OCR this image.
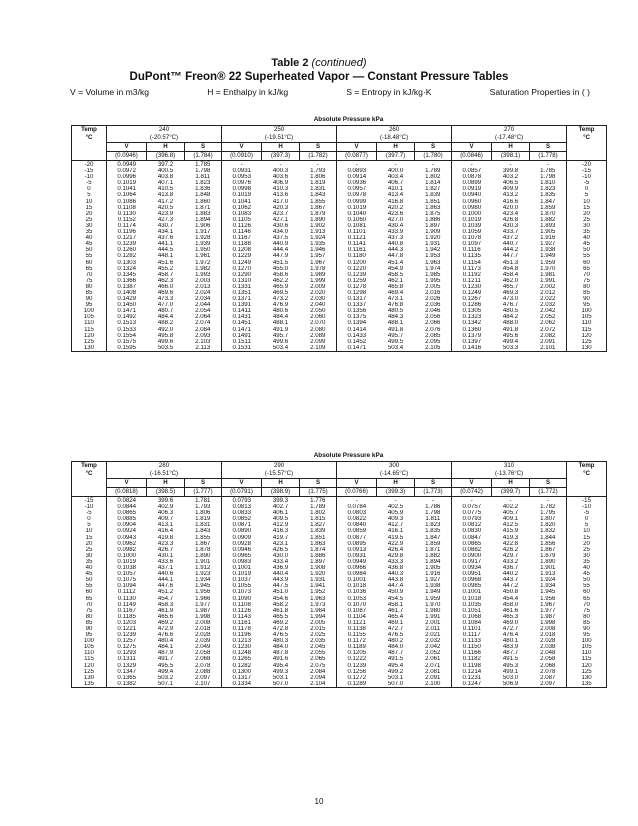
Table 2 (continued)
DuPont™ Freon® 22 Superheated Vapor — Constant Pressure Tables
V = Volume in m3/kg	H = Enthalpy in kJ/kg	S = Entropy in kJ/kg·K	Saturation Properties in ( )
Absolute Pressure kPa
Temp	240			250			260			270			Temp
°C	(-20.57°C)			(-19.51°C)			(-18.48°C)			(-17.48°C)			°C
	V	H	S	V	H	S	V	H	S	V	H	S	
	(0.0946)	(396.8)	(1.784)	(0.0910)	(397.3)	(1.782)	(0.0877)	(397.7)	(1.780)	(0.0846)	(398.1)	(1.778)	
-20	0.0949	397.2	1.785	-	-	-	-	-	-	-	-	-	-20
-15	0.0972	400.5	1.798	0.0931	400.3	1.793	0.0893	400.0	1.789	0.0857	399.8	1.785	-15
-10	0.0996	403.8	1.811	0.0953	403.6	1.806	0.0914	403.4	1.802	0.0878	403.2	1.798	-10
-5	0.1019	407.1	1.823	0.0976	406.9	1.819	0.0936	406.7	1.814	0.0899	406.5	1.810	-5
0	0.1041	410.5	1.836	0.0998	410.3	1.831	0.0957	410.1	1.827	0.0919	409.9	1.823	0
5	0.1064	413.8	1.848	0.1019	413.6	1.843	0.0978	413.4	1.839	0.0940	413.2	1.835	5
10	0.1086	417.2	1.860	0.1041	417.0	1.855	0.0999	416.8	1.851	0.0960	416.6	1.847	10
15	0.1108	420.5	1.871	0.1062	420.3	1.867	0.1019	420.2	1.863	0.0980	420.0	1.859	15
20	0.1130	423.9	1.883	0.1083	423.7	1.879	0.1040	423.6	1.875	0.1000	423.4	1.870	20
25	0.1152	427.3	1.894	0.1105	427.1	1.890	0.1060	427.0	1.886	0.1019	426.8	1.882	25
30	0.1174	430.7	1.906	0.1126	430.6	1.902	0.1081	430.4	1.897	0.1039	430.3	1.893	30
35	0.1196	434.1	1.917	0.1146	434.0	1.913	0.1101	433.9	1.909	0.1059	433.7	1.905	35
40	0.1217	437.6	1.928	0.1167	437.5	1.924	0.1121	437.3	1.920	0.1078	437.2	1.916	40
45	0.1239	441.1	1.939	0.1188	440.9	1.935	0.1141	440.8	1.931	0.1097	440.7	1.927	45
50	0.1260	444.5	1.950	0.1208	444.4	1.946	0.1161	444.3	1.942	0.1116	444.2	1.938	50
55	0.1282	448.1	1.961	0.1229	447.9	1.957	0.1180	447.8	1.953	0.1135	447.7	1.949	55
60	0.1303	451.6	1.972	0.1249	451.5	1.967	0.1200	451.4	1.963	0.1154	451.3	1.959	60
65	0.1324	455.2	1.982	0.1270	455.0	1.978	0.1220	454.9	1.974	0.1173	454.8	1.970	65
70	0.1345	458.7	1.993	0.1290	458.6	1.989	0.1239	458.5	1.985	0.1192	458.4	1.981	70
75	0.1366	462.3	2.003	0.1310	462.2	1.999	0.1259	462.1	1.995	0.1211	462.0	1.991	75
80	0.1387	466.0	2.013	0.1331	465.9	2.009	0.1278	465.8	2.005	0.1230	465.7	2.002	80
85	0.1408	469.6	2.024	0.1351	469.5	2.020	0.1298	469.4	2.016	0.1249	469.3	2.012	85
90	0.1429	473.3	2.034	0.1371	473.2	2.030	0.1317	473.1	2.026	0.1267	473.0	2.022	90
95	0.1450	477.0	2.044	0.1391	476.9	2.040	0.1337	476.8	2.036	0.1286	476.7	2.032	95
100	0.1471	480.7	2.054	0.1411	480.6	2.050	0.1356	480.5	2.046	0.1305	480.5	2.042	100
105	0.1492	484.4	2.064	0.1431	484.4	2.060	0.1375	484.3	2.056	0.1323	484.2	2.052	105
110	0.1513	488.2	2.074	0.1451	488.1	2.070	0.1394	488.1	2.066	0.1342	488.0	2.062	110
115	0.1533	492.0	2.084	0.1471	491.9	2.080	0.1414	491.8	2.076	0.1360	491.8	2.072	115
120	0.1554	495.8	2.093	0.1491	495.7	2.089	0.1433	495.7	2.085	0.1379	495.6	2.082	120
125	0.1575	499.6	2.103	0.1511	499.6	2.099	0.1452	499.5	2.095	0.1397	499.4	2.091	125
130	0.1595	503.5	2.113	0.1531	503.4	2.109	0.1471	503.4	2.105	0.1416	503.3	2.101	130
Absolute Pressure kPa
Temp	280			290			300			310			Temp
°C	(-16.51°C)			(-15.57°C)			(-14.65°C)			(-13.76°C)			°C
	V	H	S	V	H	S	V	H	S	V	H	S	
	(0.0818)	(398.5)	(1.777)	(0.0791)	(398.9)	(1.775)	(0.0766)	(399.3)	(1.773)	(0.0742)	(399.7)	(1.772)	
-15	0.0824	399.6	1.781	0.0793	399.3	1.776	-	-	-	-	-	-	-15
-10	0.0844	402.9	1.793	0.0813	402.7	1.789	0.0784	402.5	1.786	0.0757	402.2	1.782	-10
-5	0.0865	406.3	1.806	0.0833	406.1	1.802	0.0803	405.9	1.798	0.0775	405.7	1.795	-5
0	0.0885	409.7	1.819	0.0852	409.5	1.815	0.0822	409.3	1.811	0.0793	409.1	1.807	0
5	0.0904	413.1	1.831	0.0871	412.9	1.827	0.0840	412.7	1.823	0.0812	412.5	1.820	5
10	0.0924	416.4	1.843	0.0890	416.3	1.839	0.0859	416.1	1.835	0.0830	415.9	1.832	10
15	0.0943	419.8	1.855	0.0909	419.7	1.851	0.0877	419.5	1.847	0.0847	419.3	1.844	15
20	0.0962	423.3	1.867	0.0928	423.1	1.863	0.0895	422.9	1.859	0.0865	422.8	1.856	20
25	0.0982	426.7	1.878	0.0946	426.5	1.874	0.0913	426.4	1.871	0.0882	426.2	1.867	25
30	0.1000	430.1	1.890	0.0965	430.0	1.886	0.0931	429.8	1.882	0.0900	429.7	1.879	30
35	0.1019	433.6	1.901	0.0983	433.4	1.897	0.0949	433.3	1.894	0.0917	433.2	1.890	35
40	0.1038	437.1	1.912	0.1001	436.9	1.908	0.0966	436.8	1.905	0.0934	436.7	1.901	40
45	0.1057	440.6	1.923	0.1019	440.4	1.920	0.0984	440.3	1.916	0.0951	440.2	1.913	45
50	0.1075	444.1	1.934	0.1037	443.9	1.931	0.1001	443.8	1.927	0.0968	443.7	1.924	50
55	0.1094	447.6	1.945	0.1055	447.5	1.941	0.1018	447.4	1.938	0.0985	447.2	1.934	55
60	0.1112	451.2	1.956	0.1073	451.0	1.952	0.1036	450.9	1.949	0.1001	450.8	1.945	60
65	0.1130	454.7	1.966	0.1090	454.6	1.963	0.1053	454.5	1.959	0.1018	454.4	1.956	65
70	0.1149	458.3	1.977	0.1108	458.2	1.973	0.1070	458.1	1.970	0.1035	458.0	1.967	70
75	0.1167	461.9	1.987	0.1126	461.8	1.984	0.1087	461.7	1.980	0.1051	461.6	1.977	75
80	0.1185	465.6	1.998	0.1143	465.5	1.994	0.1104	465.4	1.991	0.1068	465.3	1.987	80
85	0.1203	469.2	2.008	0.1161	469.2	2.005	0.1121	469.1	2.001	0.1084	469.0	1.998	85
90	0.1221	472.9	2.018	0.1178	472.8	2.015	0.1138	472.7	2.011	0.1101	472.7	2.008	90
95	0.1239	476.6	2.028	0.1196	476.5	2.025	0.1155	476.5	2.021	0.1117	476.4	2.018	95
100	0.1257	480.4	2.039	0.1213	480.3	2.035	0.1172	480.2	2.032	0.1133	480.1	2.028	100
105	0.1275	484.1	2.049	0.1230	484.0	2.045	0.1189	484.0	2.042	0.1150	483.9	2.038	105
110	0.1293	487.9	2.058	0.1248	487.8	2.055	0.1205	487.7	2.052	0.1166	487.7	2.048	110
115	0.1311	491.7	2.068	0.1265	491.6	2.065	0.1222	491.5	2.061	0.1182	491.5	2.058	115
120	0.1329	495.5	2.078	0.1282	495.4	2.075	0.1239	495.4	2.071	0.1198	495.3	2.068	120
125	0.1347	499.4	2.088	0.1300	499.3	2.084	0.1256	499.2	2.081	0.1214	499.1	2.078	125
130	0.1365	503.2	2.097	0.1317	503.1	2.094	0.1272	503.1	2.091	0.1231	503.0	2.087	130
135	0.1382	507.1	2.107	0.1334	507.0	2.104	0.1289	507.0	2.100	0.1247	506.9	2.097	135
10
